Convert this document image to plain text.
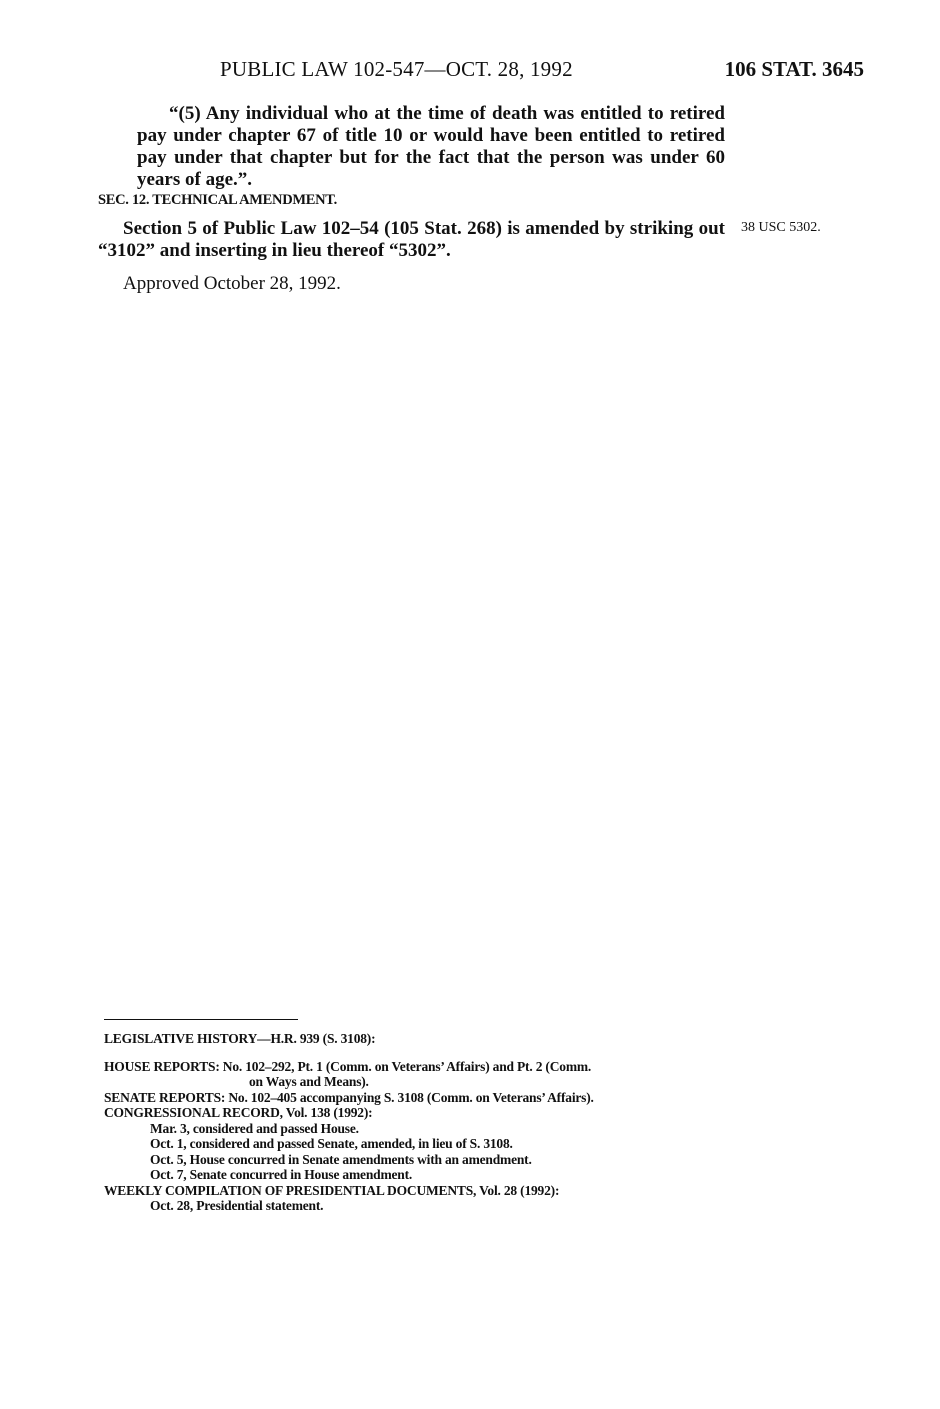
PUBLIC LAW 102-547—OCT. 28, 1992	106 STAT. 3645

“(5) Any individual who at the time of death was entitled to retired pay under chapter 67 of title 10 or would have been entitled to retired pay under that chapter but for the fact that the person was under 60 years of age.”.

SEC. 12. TECHNICAL AMENDMENT.

Section 5 of Public Law 102–54 (105 Stat. 268) is amended by striking out “3102” and inserting in lieu thereof “5302”.

38 USC 5302.
Approved October 28, 1992.
LEGISLATIVE HISTORY—H.R. 939 (S. 3108):
HOUSE REPORTS: No. 102–292, Pt. 1 (Comm. on Veterans’ Affairs) and Pt. 2 (Comm.
on Ways and Means).
SENATE REPORTS: No. 102–405 accompanying S. 3108 (Comm. on Veterans’ Affairs).
CONGRESSIONAL RECORD, Vol. 138 (1992):
Mar. 3, considered and passed House.
Oct. 1, considered and passed Senate, amended, in lieu of S. 3108.
Oct. 5, House concurred in Senate amendments with an amendment.
Oct. 7, Senate concurred in House amendment.
WEEKLY COMPILATION OF PRESIDENTIAL DOCUMENTS, Vol. 28 (1992):
Oct. 28, Presidential statement.
